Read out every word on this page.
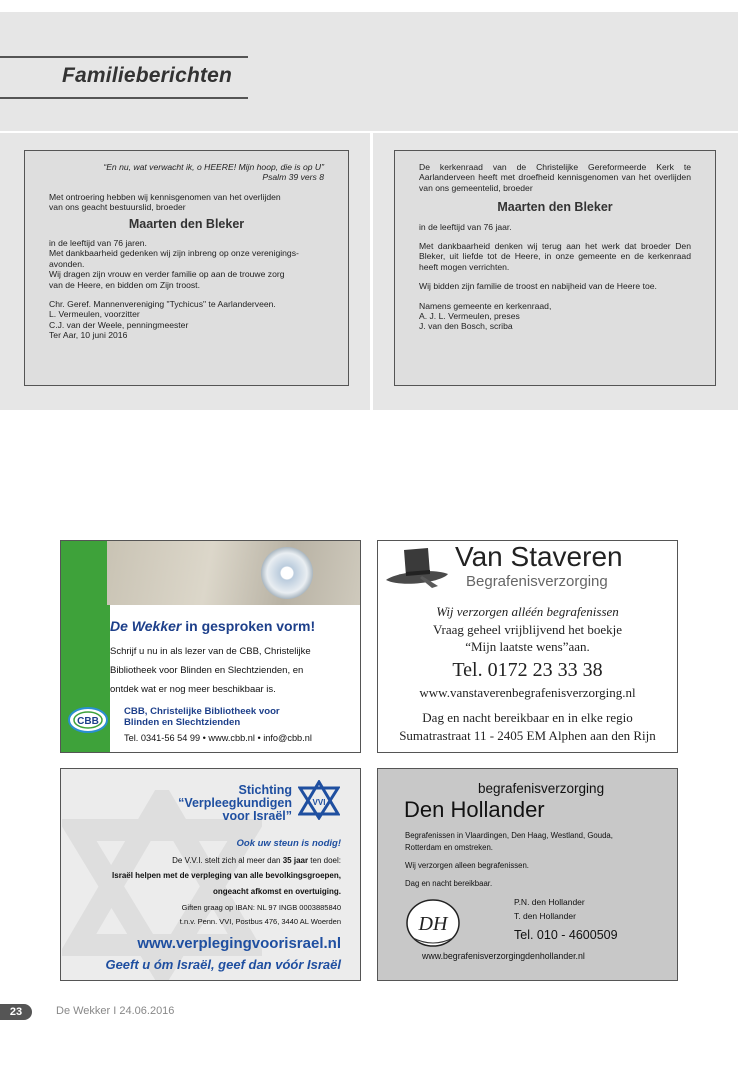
Familieberichten

“En nu, wat verwacht ik, o HEERE! Mijn hoop, die is op U”

Psalm 39 vers 8

Met ontroering hebben wij kennisgenomen van het overlijden

van ons geacht bestuurslid, broeder

Maarten den Bleker

in de leeftijd van 76 jaren.

Met dankbaarheid gedenken wij zijn inbreng op onze verenigings-

avonden.

Wij dragen zijn vrouw en verder familie op aan de trouwe zorg

van de Heere, en bidden om Zijn troost.

Chr. Geref. Mannenvereniging "Tychicus" te Aarlanderveen.

L. Vermeulen, voorzitter

C.J. van der Weele, penningmeester

Ter Aar, 10 juni 2016

De kerkenraad van de Christelijke Gereformeerde Kerk te Aarlanderveen heeft met droefheid kennisgenomen van het overlijden van ons gemeentelid, broeder

Maarten den Bleker

in de leeftijd van 76 jaar.

Met dankbaarheid denken wij terug aan het werk dat broeder Den Bleker, uit liefde tot de Heere, in onze gemeente en de kerkenraad heeft mogen verrichten.

Wij bidden zijn familie de troost en nabijheid van de Heere toe.

Namens gemeente en kerkenraad,

A. J. L. Vermeulen, preses

J. van den Bosch, scriba

De Wekker in gesproken vorm!
Schrijf u nu in als lezer van de CBB, Christelijke
Bibliotheek voor Blinden en Slechtzienden, en
ontdek wat er nog meer beschikbaar is.
CBB
CBB, Christelijke Bibliotheek voor
Blinden en Slechtzienden
Tel. 0341-56 54 99 • www.cbb.nl • info@cbb.nl
Van Staveren
Begrafenisverzorging
Wij verzorgen alléén begrafenissen
Vraag geheel vrijblijvend het boekje
“Mijn laatste wens”aan.
Tel. 0172 23 33 38
www.vanstaverenbegrafenisverzorging.nl
Dag en nacht bereikbaar en in elke regio
Sumatrastraat 11 - 2405 EM Alphen aan den Rijn
Stichting
“Verpleegkundigen
voor Israël”
VVI
Ook uw steun is nodig!
De V.V.I. stelt zich al meer dan 35 jaar ten doel:
Israël helpen met de verpleging van alle bevolkingsgroepen,
ongeacht afkomst en overtuiging.
Giften graag op IBAN: NL 97 INGB 0003885840
t.n.v. Penn. VVI, Postbus 476, 3440 AL Woerden
www.verplegingvoorisrael.nl
Geeft u óm Israël, geef dan vóór Israël
begrafenisverzorging
Den Hollander
Begrafenissen in Vlaardingen, Den Haag, Westland, Gouda,
Rotterdam en omstreken.
Wij verzorgen alleen begrafenissen.
Dag en nacht bereikbaar.
DH
P.N. den Hollander
T. den Hollander
Tel. 010 - 4600509
www.begrafenisverzorgingdenhollander.nl
23	De Wekker I 24.06.2016
